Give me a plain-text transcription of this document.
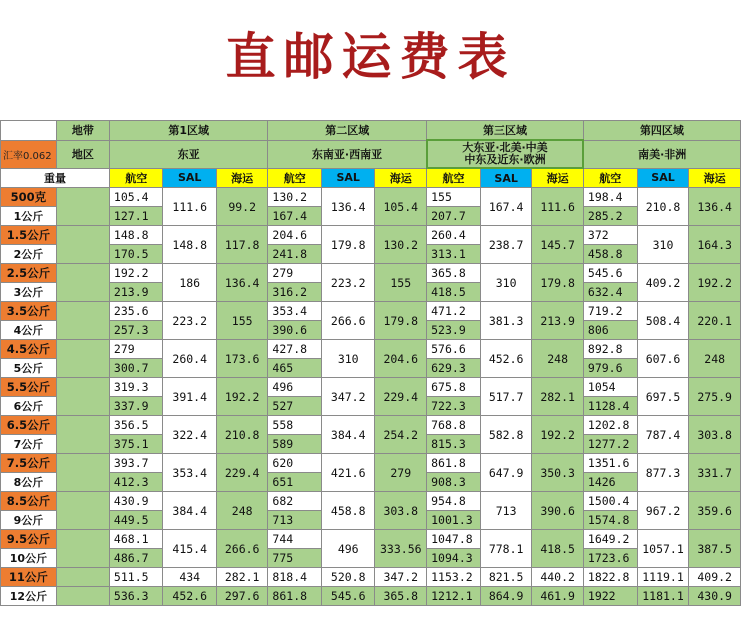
直邮运费表
	地带	第1区域			第二区域			第三区域			第四区域		
汇率0.062	地区	东亚			东南亚·西南亚			大东亚·北美·中美
中东及近东·欧洲			南美·非洲		
重量		航空	SAL	海运	航空	SAL	海运	航空	SAL	海运	航空	SAL	海运
500克		105.4	111.6	99.2	130.2	136.4	105.4	155	167.4	111.6	198.4	210.8	136.4
1公斤		127.1			167.4			207.7			285.2		
1.5公斤		148.8	148.8	117.8	204.6	179.8	130.2	260.4	238.7	145.7	372	310	164.3
2公斤		170.5			241.8			313.1			458.8		
2.5公斤		192.2	186	136.4	279	223.2	155	365.8	310	179.8	545.6	409.2	192.2
3公斤		213.9			316.2			418.5			632.4		
3.5公斤		235.6	223.2	155	353.4	266.6	179.8	471.2	381.3	213.9	719.2	508.4	220.1
4公斤		257.3			390.6			523.9			806		
4.5公斤		279	260.4	173.6	427.8	310	204.6	576.6	452.6	248	892.8	607.6	248
5公斤		300.7			465			629.3			979.6		
5.5公斤		319.3	391.4	192.2	496	347.2	229.4	675.8	517.7	282.1	1054	697.5	275.9
6公斤		337.9			527			722.3			1128.4		
6.5公斤		356.5	322.4	210.8	558	384.4	254.2	768.8	582.8	192.2	1202.8	787.4	303.8
7公斤		375.1			589			815.3			1277.2		
7.5公斤		393.7	353.4	229.4	620	421.6	279	861.8	647.9	350.3	1351.6	877.3	331.7
8公斤		412.3			651			908.3			1426		
8.5公斤		430.9	384.4	248	682	458.8	303.8	954.8	713	390.6	1500.4	967.2	359.6
9公斤		449.5			713			1001.3			1574.8		
9.5公斤		468.1	415.4	266.6	744	496	333.56	1047.8	778.1	418.5	1649.2	1057.1	387.5
10公斤		486.7			775			1094.3			1723.6		
11公斤		511.5	434	282.1	818.4	520.8	347.2	1153.2	821.5	440.2	1822.8	1119.1	409.2
12公斤		536.3	452.6	297.6	861.8	545.6	365.8	1212.1	864.9	461.9	1922	1181.1	430.9
